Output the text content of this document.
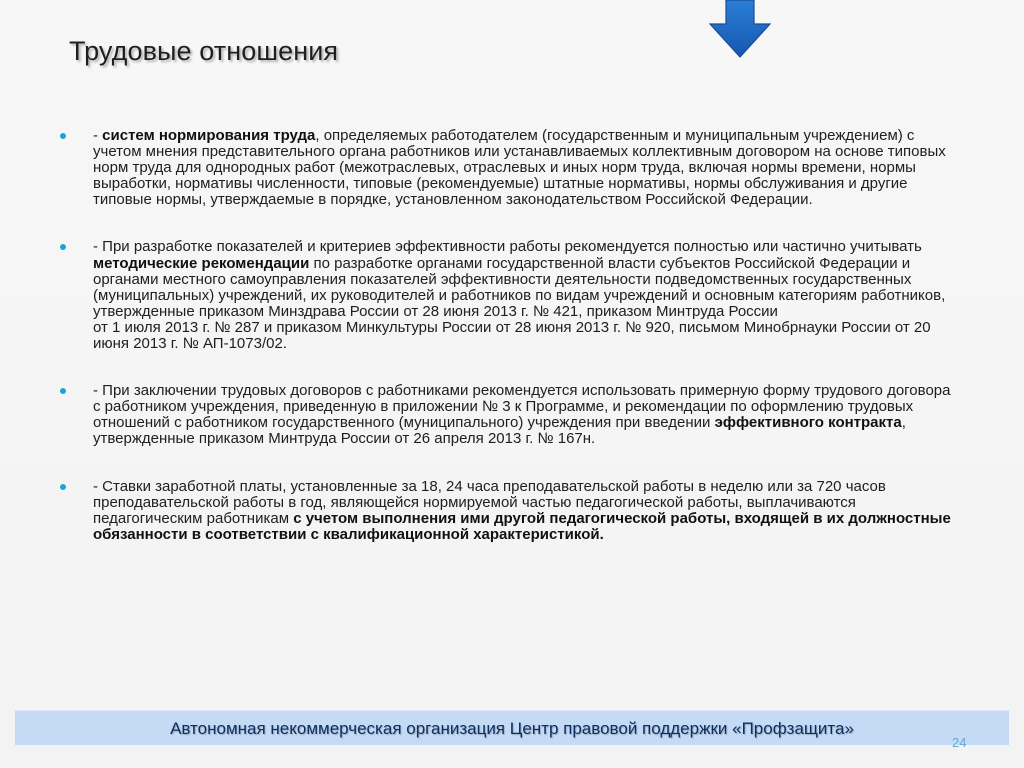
Трудовые отношения
- систем нормирования труда, определяемых работодателем (государственным и муниципальным учреждением) с учетом мнения представительного органа работников или устанавливаемых коллективным договором на основе типовых норм труда для однородных работ (межотраслевых, отраслевых и иных норм труда, включая нормы времени, нормы выработки, нормативы численности, типовые (рекомендуемые) штатные нормативы, нормы обслуживания и другие типовые нормы, утверждаемые в порядке, установленном законодательством Российской Федерации.
- При разработке показателей и критериев эффективности работы рекомендуется полностью или частично учитывать методические рекомендации по разработке органами государственной власти субъектов Российской Федерации и органами местного самоуправления показателей эффективности деятельности подведомственных государственных (муниципальных) учреждений, их руководителей и работников по видам учреждений и основным категориям работников, утвержденные приказом Минздрава России от 28 июня 2013 г. № 421, приказом Минтруда России
от 1 июля 2013 г. № 287 и приказом Минкультуры России от 28 июня 2013 г. № 920, письмом Минобрнауки России от 20 июня 2013 г. № АП-1073/02.
- При заключении трудовых договоров с работниками рекомендуется использовать примерную форму трудового договора с работником учреждения, приведенную в приложении № 3 к Программе, и рекомендации по оформлению трудовых отношений с работником государственного (муниципального) учреждения при введении эффективного контракта, утвержденные приказом Минтруда России от 26 апреля 2013 г. № 167н.
- Ставки заработной платы, установленные за 18, 24 часа преподавательской работы в неделю или за 720 часов преподавательской работы в год, являющейся нормируемой частью педагогической работы, выплачиваются педагогическим работникам с учетом выполнения ими другой педагогической работы, входящей в их должностные обязанности в соответствии с квалификационной характеристикой.
Автономная некоммерческая организация Центр правовой поддержки «Профзащита»
24
